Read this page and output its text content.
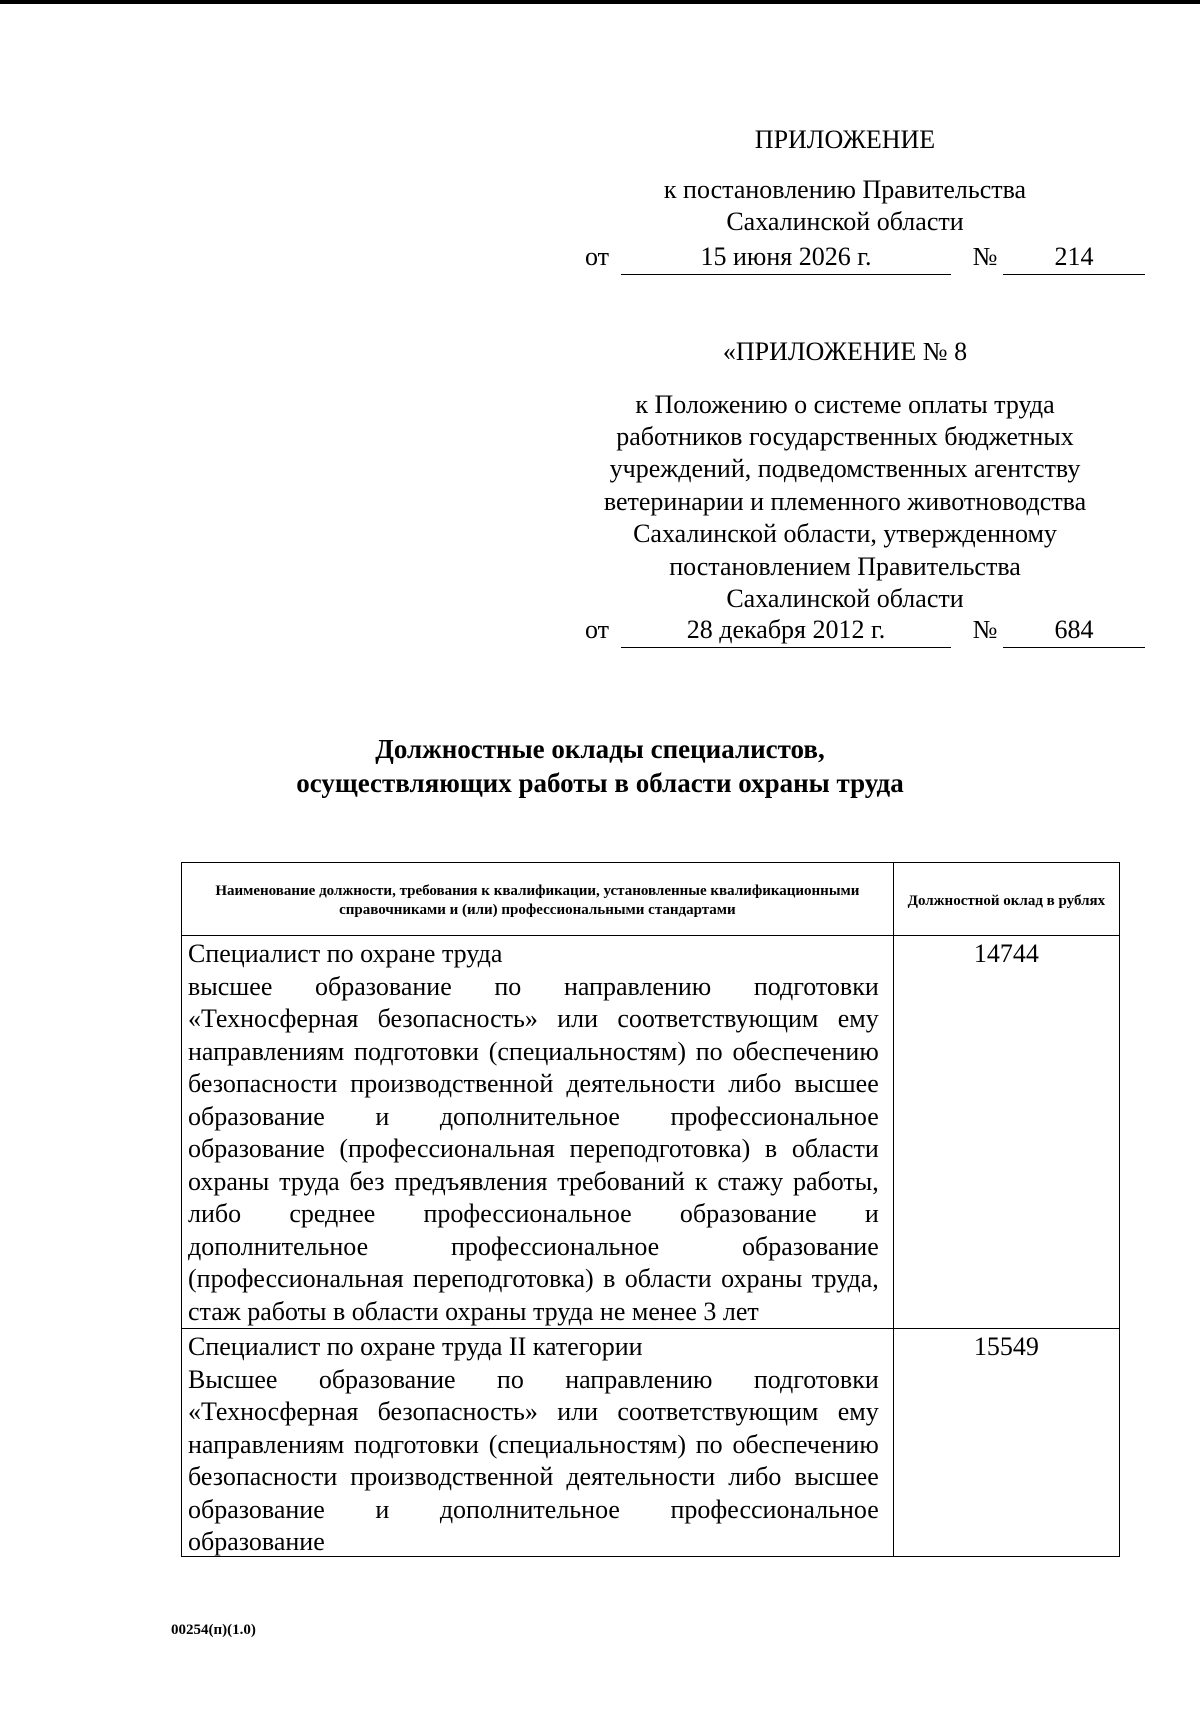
ПРИЛОЖЕНИЕ
к постановлению Правительства
Сахалинской области
от	15 июня 2026 г.	№	214
«ПРИЛОЖЕНИЕ № 8
к Положению о системе оплаты труда
работников государственных бюджетных
учреждений, подведомственных агентству
ветеринарии и племенного животноводства
Сахалинской области, утвержденному
постановлением Правительства
Сахалинской области
от	28 декабря 2012 г.	№	684
Должностные оклады специалистов,
осуществляющих работы в области охраны труда
Наименование должности, требования к квалификации, установленные квалификационными справочниками и (или) профессиональными стандартами	Должностной оклад в рублях

Специалист по охране труда
высшее образование по направлению подготовки «Техносферная безопасность» или соответствующим ему направлениям подготовки (специальностям) по обеспечению безопасности производственной деятельности либо высшее образование и дополнительное профессиональное образование (профессиональная переподготовка) в области охраны труда без предъявления требований к стажу работы, либо среднее профессиональное образование и дополнительное профессиональное образование (профессиональная переподготовка) в области охраны труда, стаж работы в области охраны труда не менее 3 лет	14744

Специалист по охране труда II категории
Высшее образование по направлению подготовки «Техносферная безопасность» или соответствующим ему направлениям подготовки (специальностям) по обеспечению безопасности производственной деятельности либо высшее образование и дополнительное профессиональное образование	15549
00254(п)(1.0)
